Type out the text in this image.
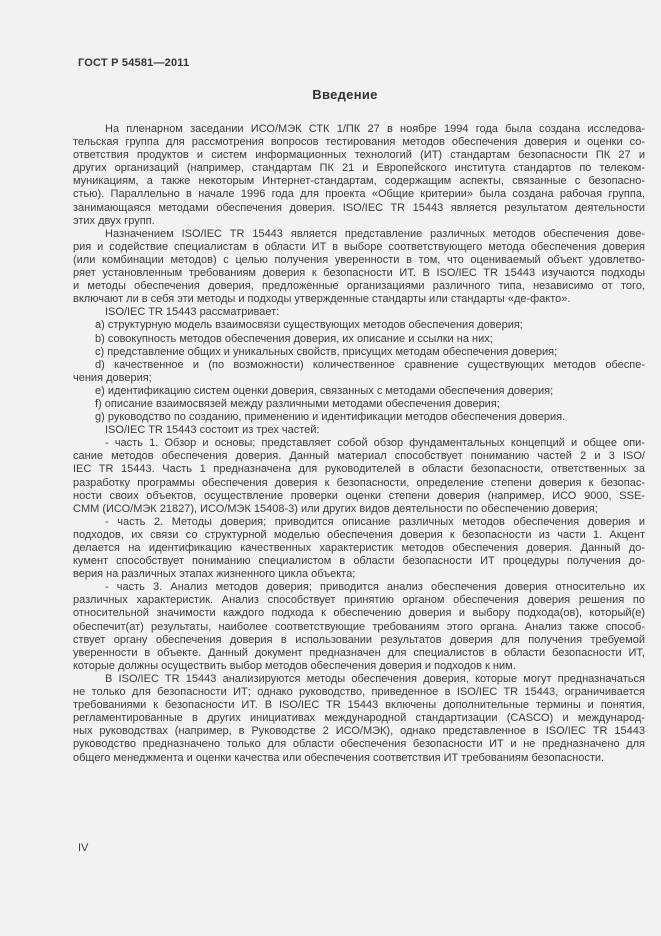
ГОСТ Р 54581—2011
Введение
На пленарном заседании ИСО/МЭК СТК 1/ПК 27 в ноябре 1994 года была создана исследова-
тельская группа для рассмотрения вопросов тестирования методов обеспечения доверия и оценки со-
ответствия продуктов и систем информационных технологий (ИТ) стандартам безопасности ПК 27 и
других организаций (например, стандартам ПК 21 и Европейского института стандартов по телеком-
муникациям, а также некоторым Интернет-стандартам, содержащим аспекты, связанные с безопасно-
стью). Параллельно в начале 1996 года для проекта «Общие критерии» была создана рабочая группа,
занимающаяся методами обеспечения доверия. ISO/IEC TR 15443 является результатом деятельности
этих двух групп.
Назначением ISO/IEC TR 15443 является представление различных методов обеспечения дове-
рия и содействие специалистам в области ИТ в выборе соответствующего метода обеспечения доверия
(или комбинации методов) с целью получения уверенности в том, что оцениваемый объект удовлетво-
ряет установленным требованиям доверия к безопасности ИТ. В ISO/IEC TR 15443 изучаются подходы
и методы обеспечения доверия, предложенные организациями различного типа, независимо от того,
включают ли в себя эти методы и подходы утвержденные стандарты или стандарты «де-факто».
ISO/IEC TR 15443 рассматривает:
a) структурную модель взаимосвязи существующих методов обеспечения доверия;
b) совокупность методов обеспечения доверия, их описание и ссылки на них;
c) представление общих и уникальных свойств, присущих методам обеспечения доверия;
d) качественное и (по возможности) количественное сравнение существующих методов обеспе-
чения доверия;
e) идентификацию систем оценки доверия, связанных с методами обеспечения доверия;
f) описание взаимосвязей между различными методами обеспечения доверия;
g) руководство по созданию, применению и идентификации методов обеспечения доверия.
ISO/IEC TR 15443 состоит из трех частей:
- часть 1. Обзор и основы; представляет собой обзор фундаментальных концепций и общее опи-
сание методов обеспечения доверия. Данный материал способствует пониманию частей 2 и 3 ISO/
IEC TR 15443. Часть 1 предназначена для руководителей в области безопасности, ответственных за
разработку программы обеспечения доверия к безопасности, определение степени доверия к безопас-
ности своих объектов, осуществление проверки оценки степени доверия (например, ИСО 9000, SSE-
CMM (ИСО/МЭК 21827), ИСО/МЭК 15408-3) или других видов деятельности по обеспечению доверия;
- часть 2. Методы доверия; приводится описание различных методов обеспечения доверия и
подходов, их связи со структурной моделью обеспечения доверия к безопасности из части 1. Акцент
делается на идентификацию качественных характеристик методов обеспечения доверия. Данный до-
кумент способствует пониманию специалистом в области безопасности ИТ процедуры получения до-
верия на различных этапах жизненного цикла объекта;
- часть 3. Анализ методов доверия; приводится анализ обеспечения доверия относительно их
различных характеристик. Анализ способствует принятию органом обеспечения доверия решения по
относительной значимости каждого подхода к обеспечению доверия и выбору подхода(ов), который(е)
обеспечит(ат) результаты, наиболее соответствующие требованиям этого органа. Анализ также способ-
ствует органу обеспечения доверия в использовании результатов доверия для получения требуемой
уверенности в объекте. Данный документ предназначен для специалистов в области безопасности ИТ,
которые должны осуществить выбор методов обеспечения доверия и подходов к ним.
В ISO/IEC TR 15443 анализируются методы обеспечения доверия, которые могут предназначаться
не только для безопасности ИТ; однако руководство, приведенное в ISO/IEC TR 15443, ограничивается
требованиями к безопасности ИТ. В ISO/IEC TR 15443 включены дополнительные термины и понятия,
регламентированные в других инициативах международной стандартизации (CASCO) и международ-
ных руководствах (например, в Руководстве 2 ИСО/МЭК), однако представленное в ISO/IEC TR 15443
руководство предназначено только для области обеспечения безопасности ИТ и не предназначено для
общего менеджмента и оценки качества или обеспечения соответствия ИТ требованиям безопасности.
IV
